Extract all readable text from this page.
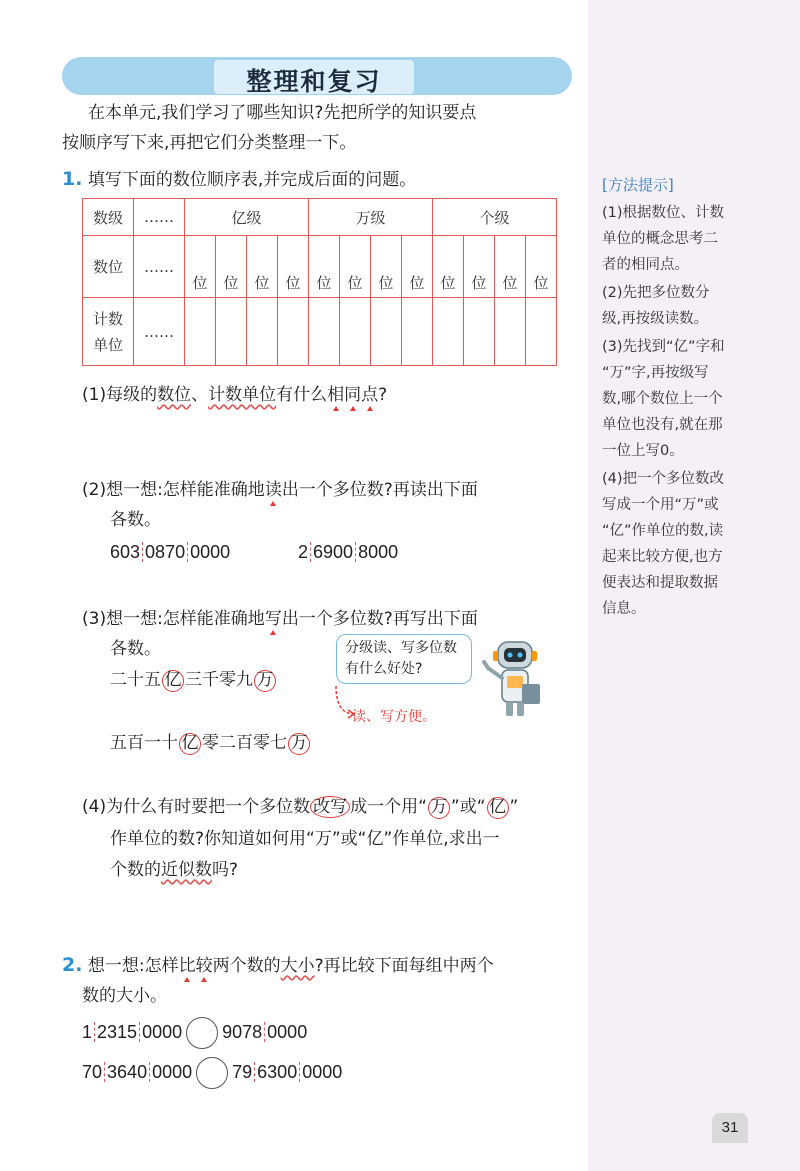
整理和复习
在本单元,我们学习了哪些知识?先把所学的知识要点
按顺序写下来,再把它们分类整理一下。
1. 填写下面的数位顺序表,并完成后面的问题。
数级	……	亿级				万级				个级			
数位	……	位	位	位	位	位	位	位	位	位	位	位	位

计数
单位	……												
(1)每级的数位、计数单位有什么相同点?
(2)想一想:怎样能准确地读出一个多位数?再读出下面
各数。
603 0870 0000	2 6900 8000
(3)想一想:怎样能准确地写出一个多位数?再写出下面
各数。
二十五 亿 三千零九 万
五百一十 亿 零二百零七 万
分级读、写多位数
有什么好处?
读、写方便。
(4)为什么有时要把一个多位数 改写 成一个用“ 万 ”或“ 亿 ”
作单位的数?你知道如何用“万”或“亿”作单位,求出一
个数的近似数吗?
2. 想一想:怎样比较两个数的大小?再比较下面每组中两个
数的大小。
1 2315 0000 9078 0000
70 3640 0000 79 6300 0000
[方法提示]
(1)根据数位、计数
单位的概念思考二
者的相同点。
(2)先把多位数分
级,再按级读数。
(3)先找到“亿”字和
“万”字,再按级写
数,哪个数位上一个
单位也没有,就在那
一位上写0。
(4)把一个多位数改
写成一个用“万”或
“亿”作单位的数,读
起来比较方便,也方
便表达和提取数据
信息。
31
